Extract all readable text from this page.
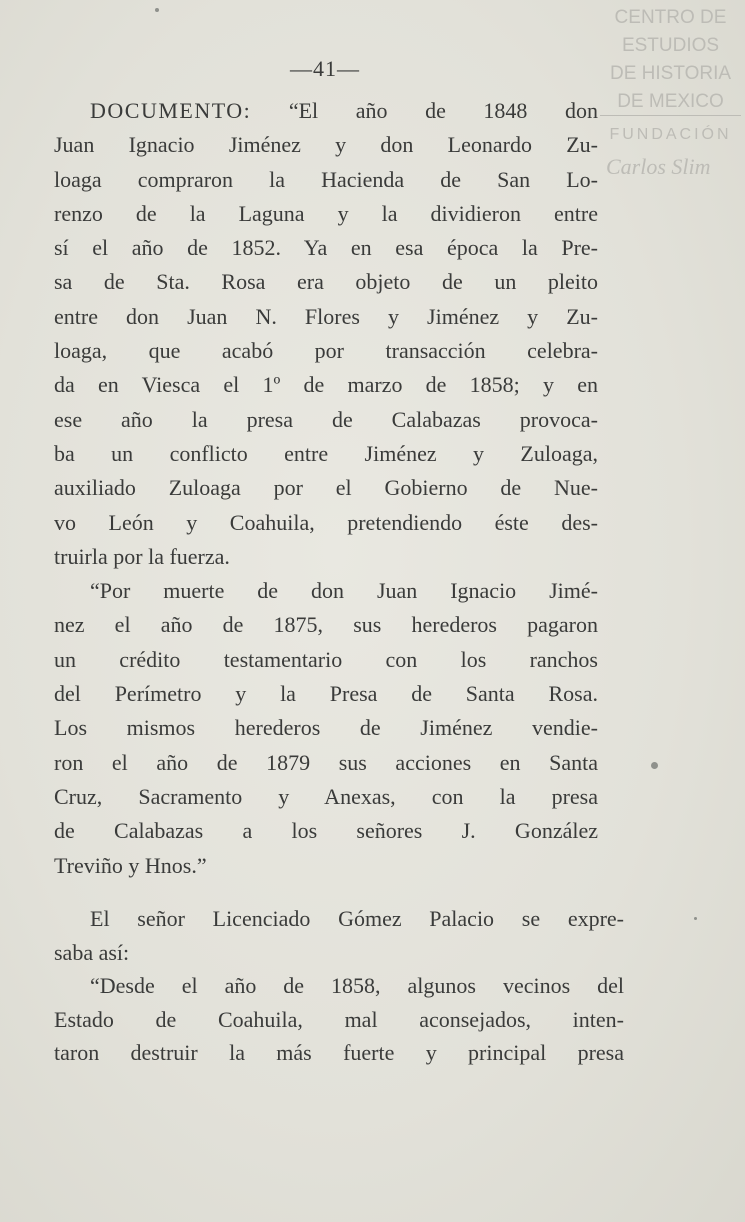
—41—
CENTRO DE
ESTUDIOS
DE HISTORIA
DE MEXICO
FUNDACIÓN
Carlos Slim
DOCUMENTO: “El año de 1848 don
Juan Ignacio Jiménez y don Leonardo Zu-
loaga compraron la Hacienda de San Lo-
renzo de la Laguna y la dividieron entre
sí el año de 1852. Ya en esa época la Pre-
sa de Sta. Rosa era objeto de un pleito
entre don Juan N. Flores y Jiménez y Zu-
loaga, que acabó por transacción celebra-
da en Viesca el 1º de marzo de 1858; y en
ese año la presa de Calabazas provoca-
ba un conflicto entre Jiménez y Zuloaga,
auxiliado Zuloaga por el Gobierno de Nue-
vo León y Coahuila, pretendiendo éste des-
truirla por la fuerza.
“Por muerte de don Juan Ignacio Jimé-
nez el año de 1875, sus herederos pagaron
un crédito testamentario con los ranchos
del Perímetro y la Presa de Santa Rosa.
Los mismos herederos de Jiménez vendie-
ron el año de 1879 sus acciones en Santa
Cruz, Sacramento y Anexas, con la presa
de Calabazas a los señores J. González
Treviño y Hnos.”
El señor Licenciado Gómez Palacio se expre-
saba así:
“Desde el año de 1858, algunos vecinos del
Estado de Coahuila, mal aconsejados, inten-
taron destruir la más fuerte y principal presa
